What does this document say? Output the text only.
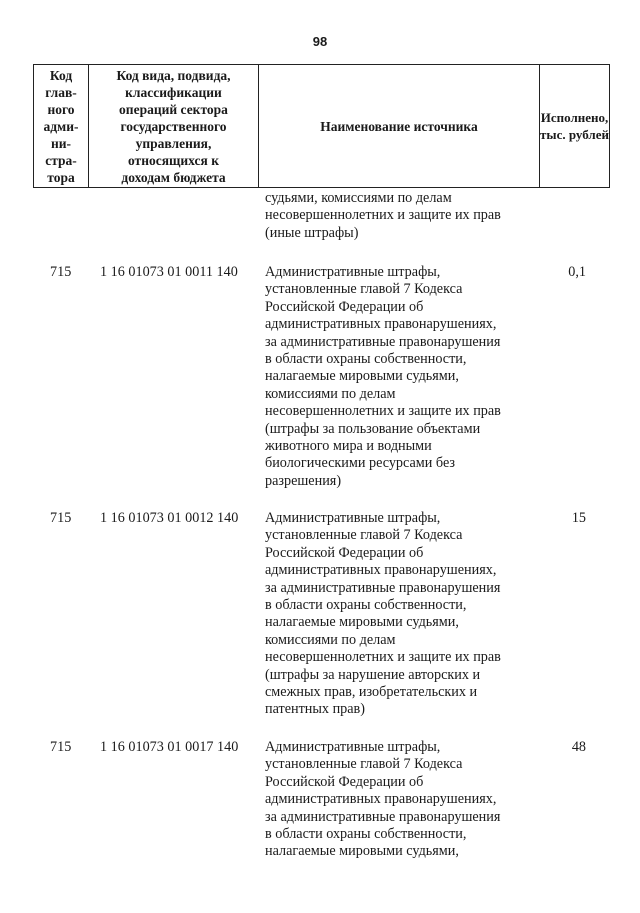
98
Код
глав-
ного
адми-
ни-
стра-
тора
Код вида, подвида,
классификации
операций сектора
государственного
управления,
относящихся к
доходам бюджета
Наименование источника
Исполнено,
тыс. рублей
судьями, комиссиями по делам
несовершеннолетних и защите их прав
(иные штрафы)
715 1 16 01073 01 0011 140 Административные штрафы,
установленные главой 7 Кодекса
Российской Федерации об
административных правонарушениях,
за административные правонарушения
в области охраны собственности,
налагаемые мировыми судьями,
комиссиями по делам
несовершеннолетних и защите их прав
(штрафы за пользование объектами
животного мира и водными
биологическими ресурсами без
разрешения)
0,1
715 1 16 01073 01 0012 140 Административные штрафы,
установленные главой 7 Кодекса
Российской Федерации об
административных правонарушениях,
за административные правонарушения
в области охраны собственности,
налагаемые мировыми судьями,
комиссиями по делам
несовершеннолетних и защите их прав
(штрафы за нарушение авторских и
смежных прав, изобретательских и
патентных прав)
15
715 1 16 01073 01 0017 140 Административные штрафы,
установленные главой 7 Кодекса
Российской Федерации об
административных правонарушениях,
за административные правонарушения
в области охраны собственности,
налагаемые мировыми судьями,
48
